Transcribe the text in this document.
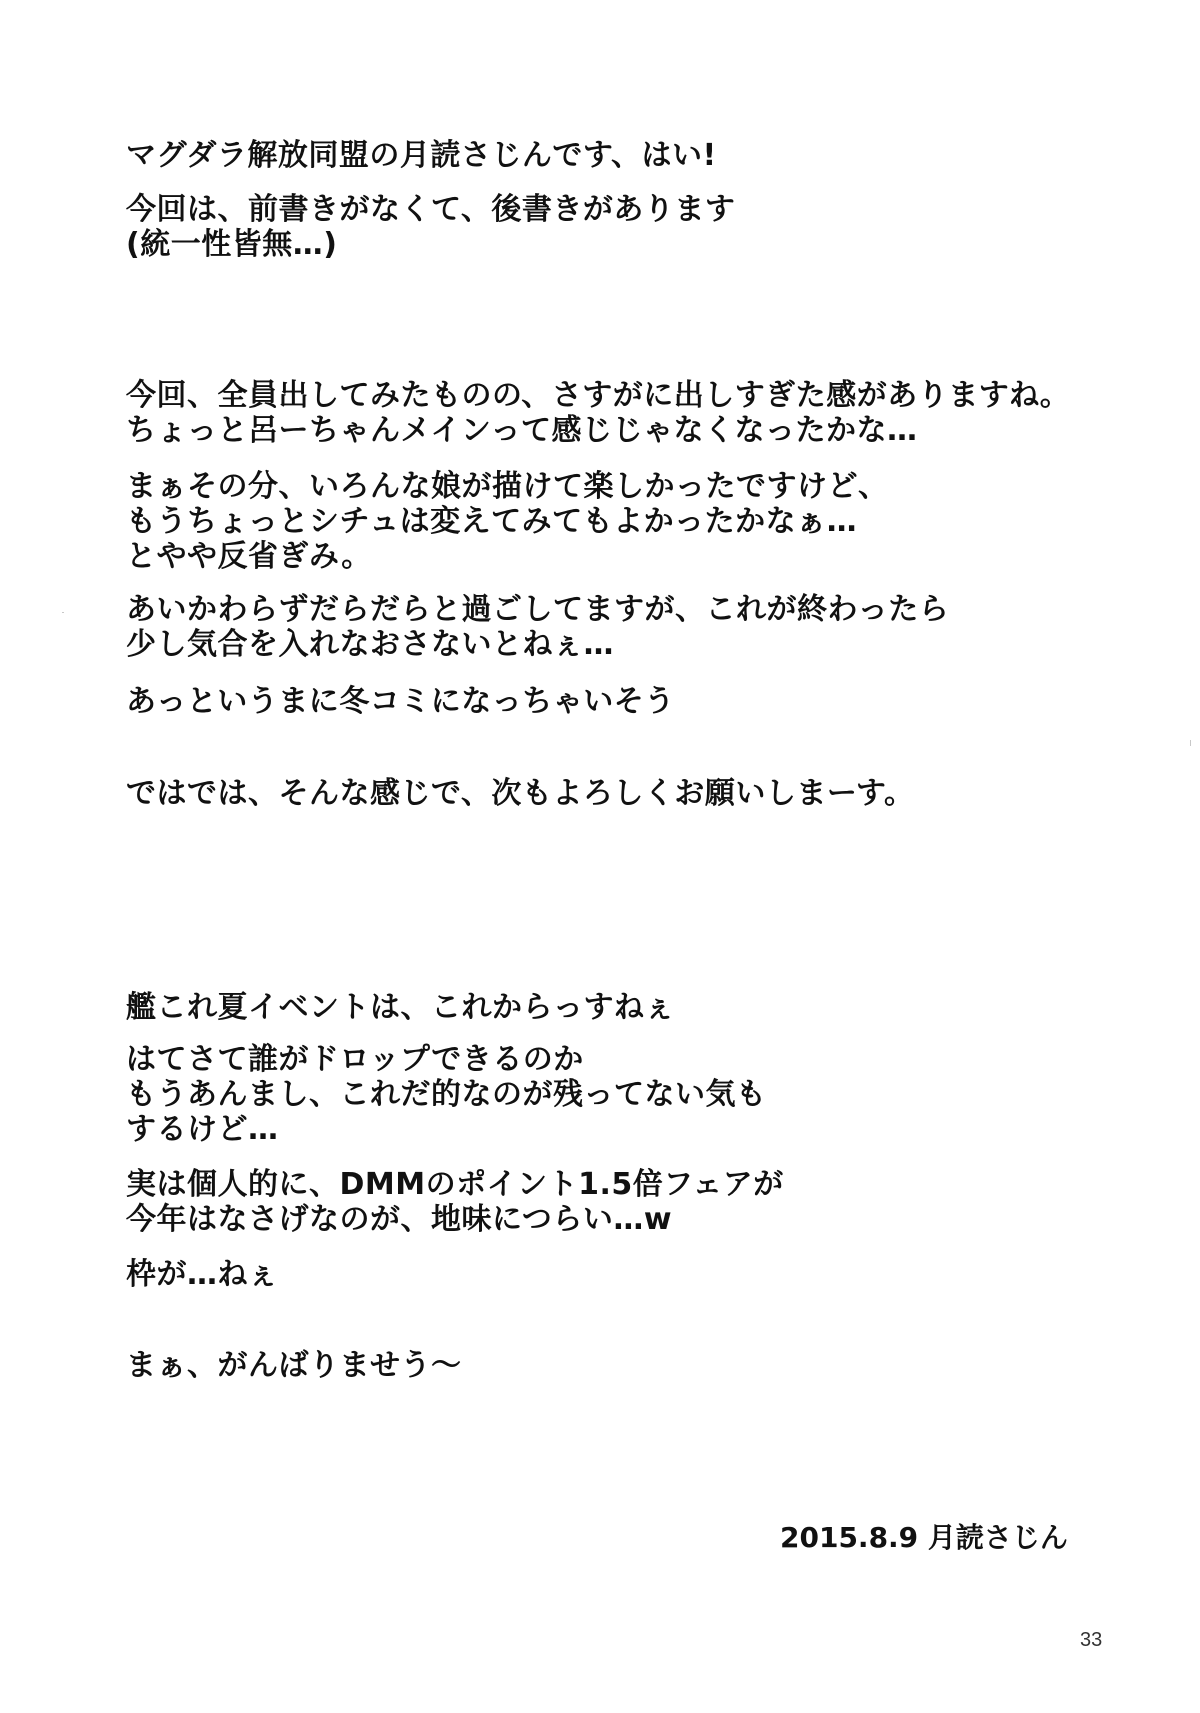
マグダラ解放同盟の月読さじんです、はい!
今回は、前書きがなくて、後書きがあります
(統一性皆無…)
今回、全員出してみたものの、さすがに出しすぎた感がありますね。
ちょっと呂ーちゃんメインって感じじゃなくなったかな…
まぁその分、いろんな娘が描けて楽しかったですけど、
もうちょっとシチュは変えてみてもよかったかなぁ…
とやや反省ぎみ。
あいかわらずだらだらと過ごしてますが、これが終わったら
少し気合を入れなおさないとねぇ…
あっというまに冬コミになっちゃいそう
ではでは、そんな感じで、次もよろしくお願いしまーす。
艦これ夏イベントは、これからっすねぇ
はてさて誰がドロップできるのか
もうあんまし、これだ的なのが残ってない気も
するけど…
実は個人的に、DMMのポイント1.5倍フェアが
今年はなさげなのが、地味につらい…w
枠が…ねぇ
まぁ、がんばりませう〜
2015.8.9 月読さじん
33
